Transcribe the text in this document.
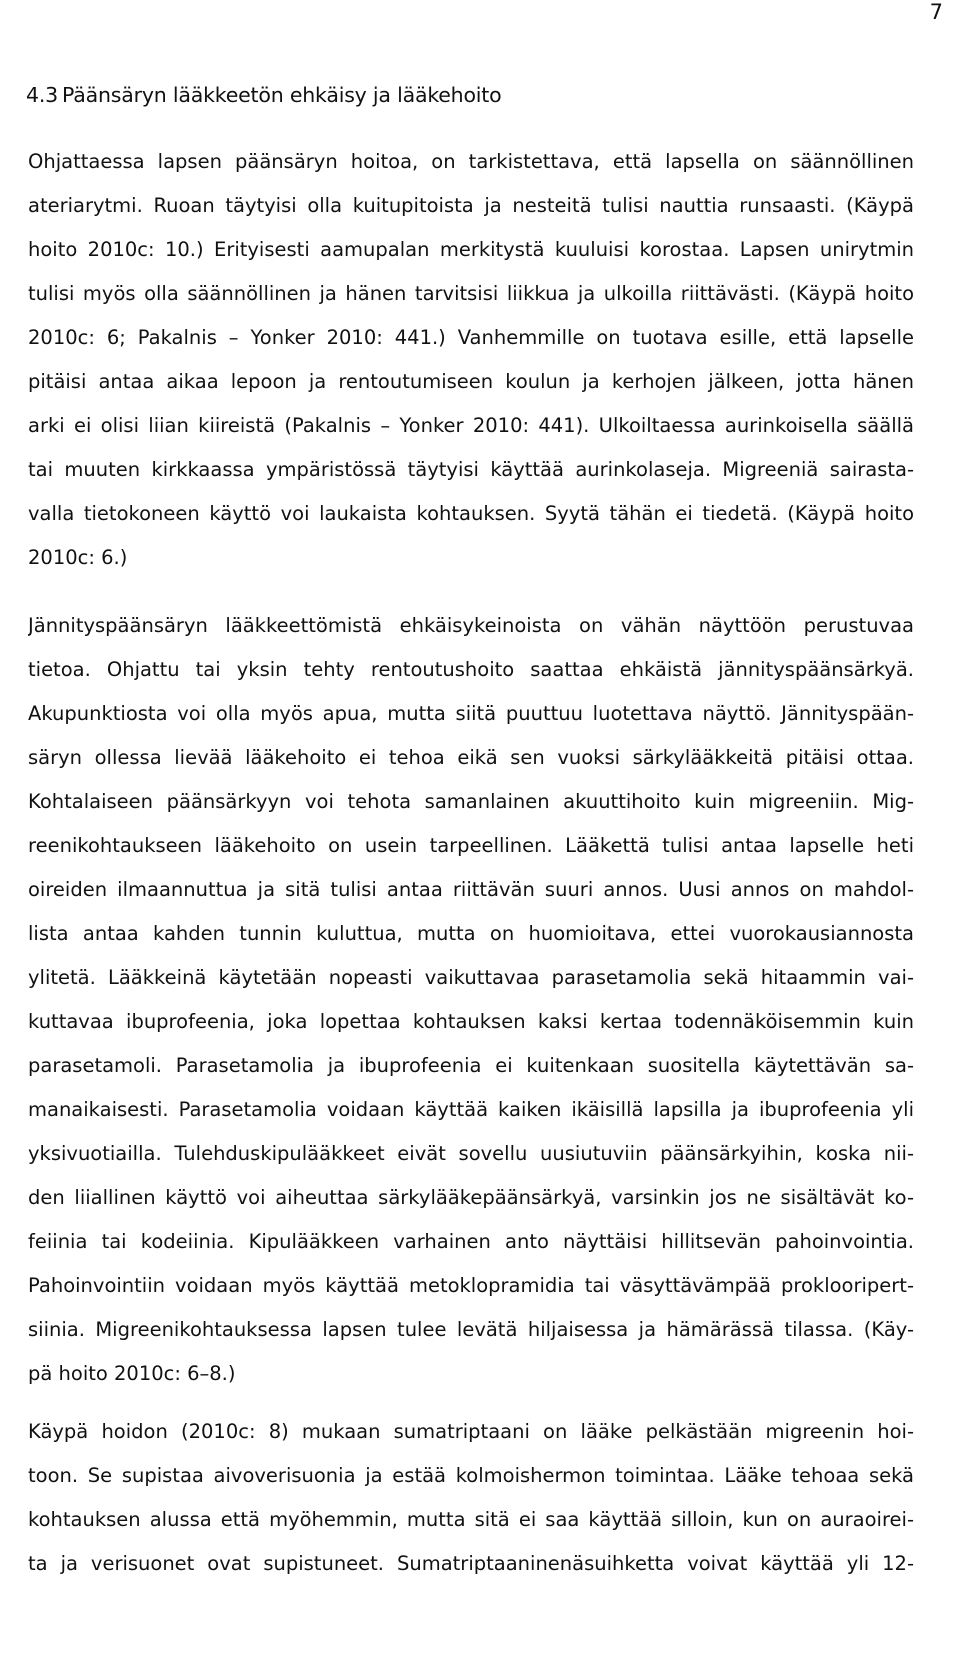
7
4.3 Päänsäryn lääkkeetön ehkäisy ja lääkehoito
Ohjattaessa lapsen päänsäryn hoitoa, on tarkistettava, että lapsella on säännöllinen
ateriarytmi. Ruoan täytyisi olla kuitupitoista ja nesteitä tulisi nauttia runsaasti. (Käypä
hoito 2010c: 10.) Erityisesti aamupalan merkitystä kuuluisi korostaa. Lapsen unirytmin
tulisi myös olla säännöllinen ja hänen tarvitsisi liikkua ja ulkoilla riittävästi. (Käypä hoito
2010c: 6; Pakalnis – Yonker 2010: 441.) Vanhemmille on tuotava esille, että lapselle
pitäisi antaa aikaa lepoon ja rentoutumiseen koulun ja kerhojen jälkeen, jotta hänen
arki ei olisi liian kiireistä (Pakalnis – Yonker 2010: 441). Ulkoiltaessa aurinkoisella säällä
tai muuten kirkkaassa ympäristössä täytyisi käyttää aurinkolaseja. Migreeniä sairasta-
valla tietokoneen käyttö voi laukaista kohtauksen. Syytä tähän ei tiedetä. (Käypä hoito
2010c: 6.)
Jännityspäänsäryn lääkkeettömistä ehkäisykeinoista on vähän näyttöön perustuvaa
tietoa. Ohjattu tai yksin tehty rentoutushoito saattaa ehkäistä jännityspäänsärkyä.
Akupunktiosta voi olla myös apua, mutta siitä puuttuu luotettava näyttö. Jännityspään-
säryn ollessa lievää lääkehoito ei tehoa eikä sen vuoksi särkylääkkeitä pitäisi ottaa.
Kohtalaiseen päänsärkyyn voi tehota samanlainen akuuttihoito kuin migreeniin. Mig-
reenikohtaukseen lääkehoito on usein tarpeellinen. Lääkettä tulisi antaa lapselle heti
oireiden ilmaannuttua ja sitä tulisi antaa riittävän suuri annos. Uusi annos on mahdol-
lista antaa kahden tunnin kuluttua, mutta on huomioitava, ettei vuorokausiannosta
ylitetä. Lääkkeinä käytetään nopeasti vaikuttavaa parasetamolia sekä hitaammin vai-
kuttavaa ibuprofeenia, joka lopettaa kohtauksen kaksi kertaa todennäköisemmin kuin
parasetamoli. Parasetamolia ja ibuprofeenia ei kuitenkaan suositella käytettävän sa-
manaikaisesti. Parasetamolia voidaan käyttää kaiken ikäisillä lapsilla ja ibuprofeenia yli
yksivuotiailla. Tulehduskipulääkkeet eivät sovellu uusiutuviin päänsärkyihin, koska nii-
den liiallinen käyttö voi aiheuttaa särkylääkepäänsärkyä, varsinkin jos ne sisältävät ko-
feiinia tai kodeiinia. Kipulääkkeen varhainen anto näyttäisi hillitsevän pahoinvointia.
Pahoinvointiin voidaan myös käyttää metoklopramidia tai väsyttävämpää proklooripert-
siinia. Migreenikohtauksessa lapsen tulee levätä hiljaisessa ja hämärässä tilassa. (Käy-
pä hoito 2010c: 6–8.)
Käypä hoidon (2010c: 8) mukaan sumatriptaani on lääke pelkästään migreenin hoi-
toon. Se supistaa aivoverisuonia ja estää kolmoishermon toimintaa. Lääke tehoaa sekä
kohtauksen alussa että myöhemmin, mutta sitä ei saa käyttää silloin, kun on auraoirei-
ta ja verisuonet ovat supistuneet. Sumatriptaaninenäsuihketta voivat käyttää yli 12-
